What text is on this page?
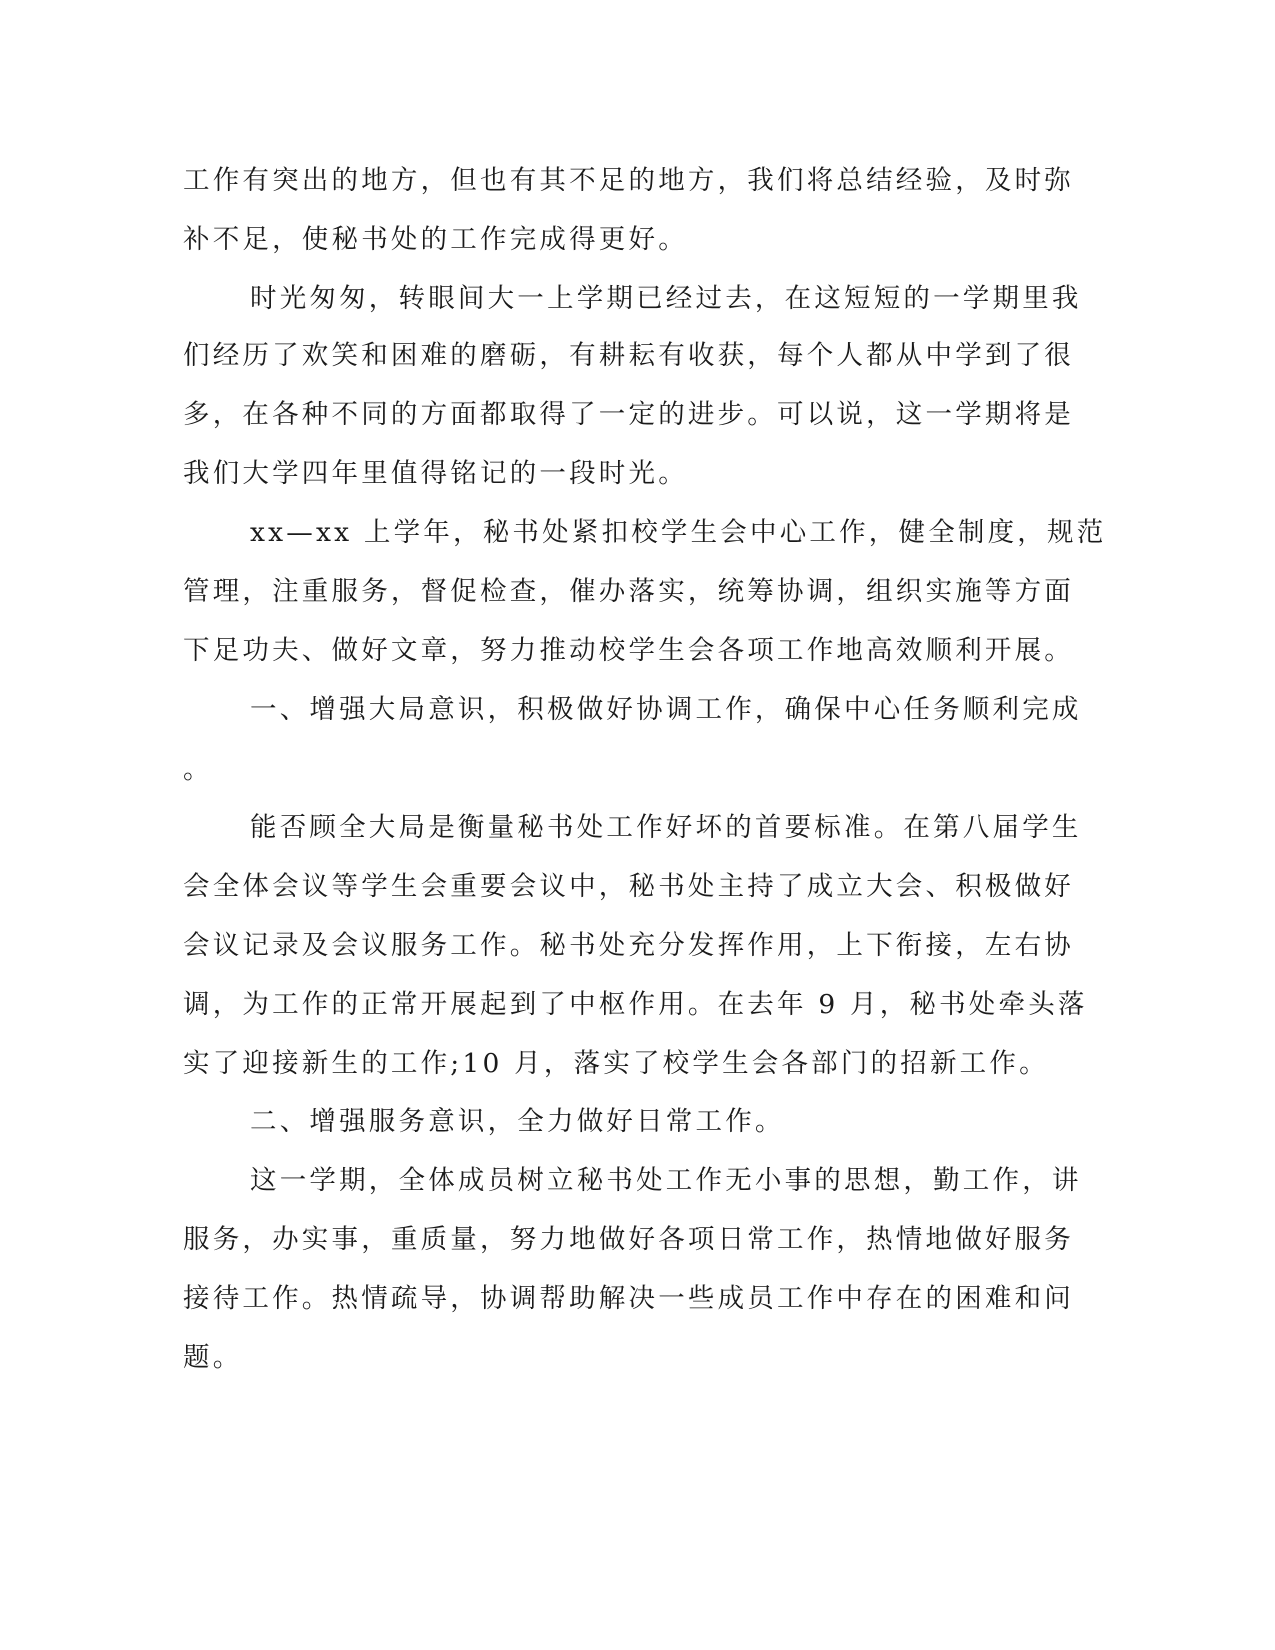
工作有突出的地方，但也有其不足的地方，我们将总结经验，及时弥
补不足，使秘书处的工作完成得更好。
时光匆匆，转眼间大一上学期已经过去，在这短短的一学期里我
们经历了欢笑和困难的磨砺，有耕耘有收获，每个人都从中学到了很
多，在各种不同的方面都取得了一定的进步。可以说，这一学期将是
我们大学四年里值得铭记的一段时光。
xx—xx 上学年，秘书处紧扣校学生会中心工作，健全制度，规范
管理，注重服务，督促检查，催办落实，统筹协调，组织实施等方面
下足功夫、做好文章，努力推动校学生会各项工作地高效顺利开展。
一、增强大局意识，积极做好协调工作，确保中心任务顺利完成
。
能否顾全大局是衡量秘书处工作好坏的首要标准。在第八届学生
会全体会议等学生会重要会议中，秘书处主持了成立大会、积极做好
会议记录及会议服务工作。秘书处充分发挥作用，上下衔接，左右协
调，为工作的正常开展起到了中枢作用。在去年 9 月，秘书处牵头落
实了迎接新生的工作;10 月，落实了校学生会各部门的招新工作。
二、增强服务意识，全力做好日常工作。
这一学期，全体成员树立秘书处工作无小事的思想，勤工作，讲
服务，办实事，重质量，努力地做好各项日常工作，热情地做好服务
接待工作。热情疏导，协调帮助解决一些成员工作中存在的困难和问
题。
